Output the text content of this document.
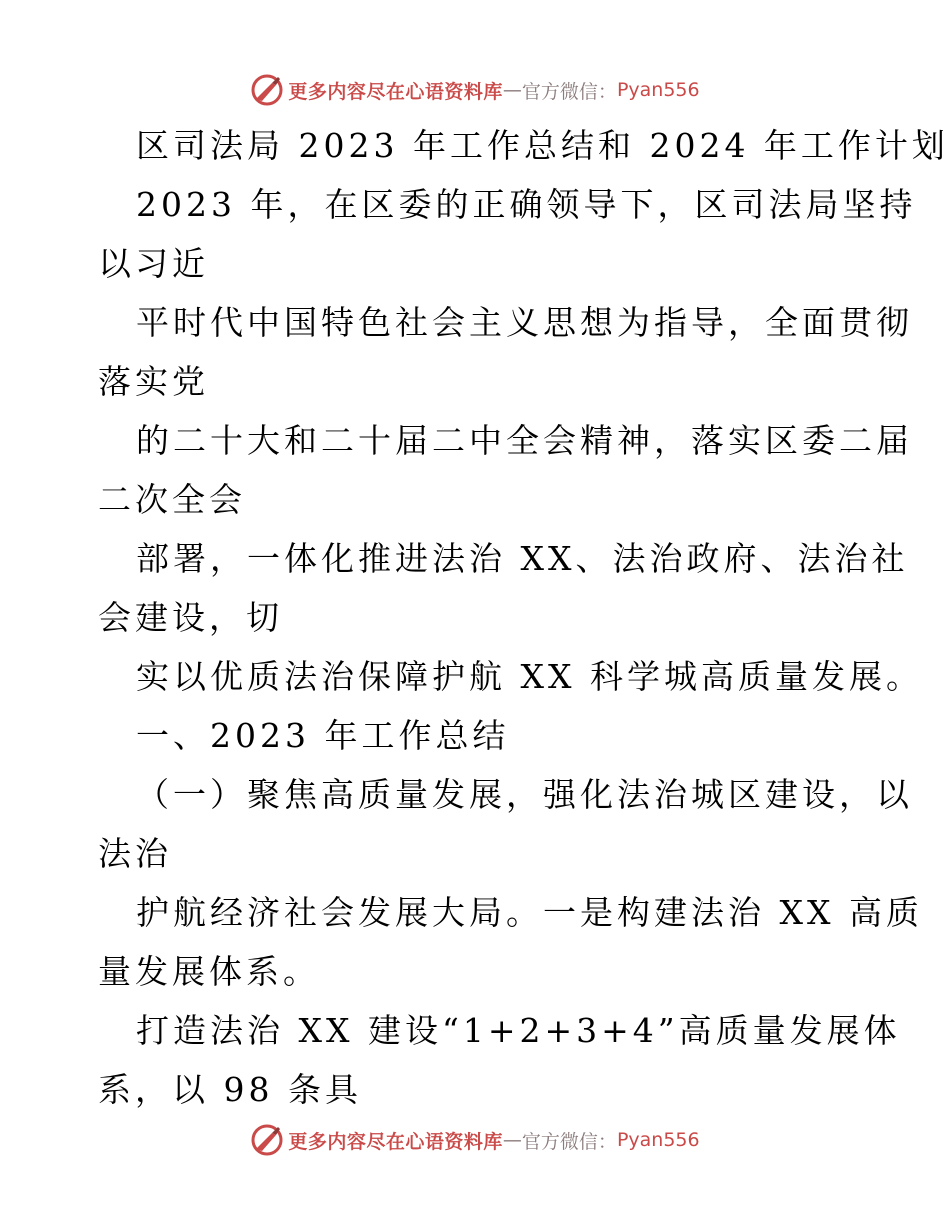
更多内容尽在心语资料库 — 官方微信： Pyan556
区司法局 2023 年工作总结和 2024 年工作计划
2023 年，在区委的正确领导下，区司法局坚持
以习近
平时代中国特色社会主义思想为指导，全面贯彻
落实党
的二十大和二十届二中全会精神，落实区委二届
二次全会
部署，一体化推进法治 XX、法治政府、法治社
会建设，切
实以优质法治保障护航 XX 科学城高质量发展。
一、2023 年工作总结
（一）聚焦高质量发展，强化法治城区建设，以
法治
护航经济社会发展大局。一是构建法治 XX 高质
量发展体系。
打造法治 XX 建设“1+2+3+4”高质量发展体
系，以 98 条具
更多内容尽在心语资料库 — 官方微信： Pyan556
